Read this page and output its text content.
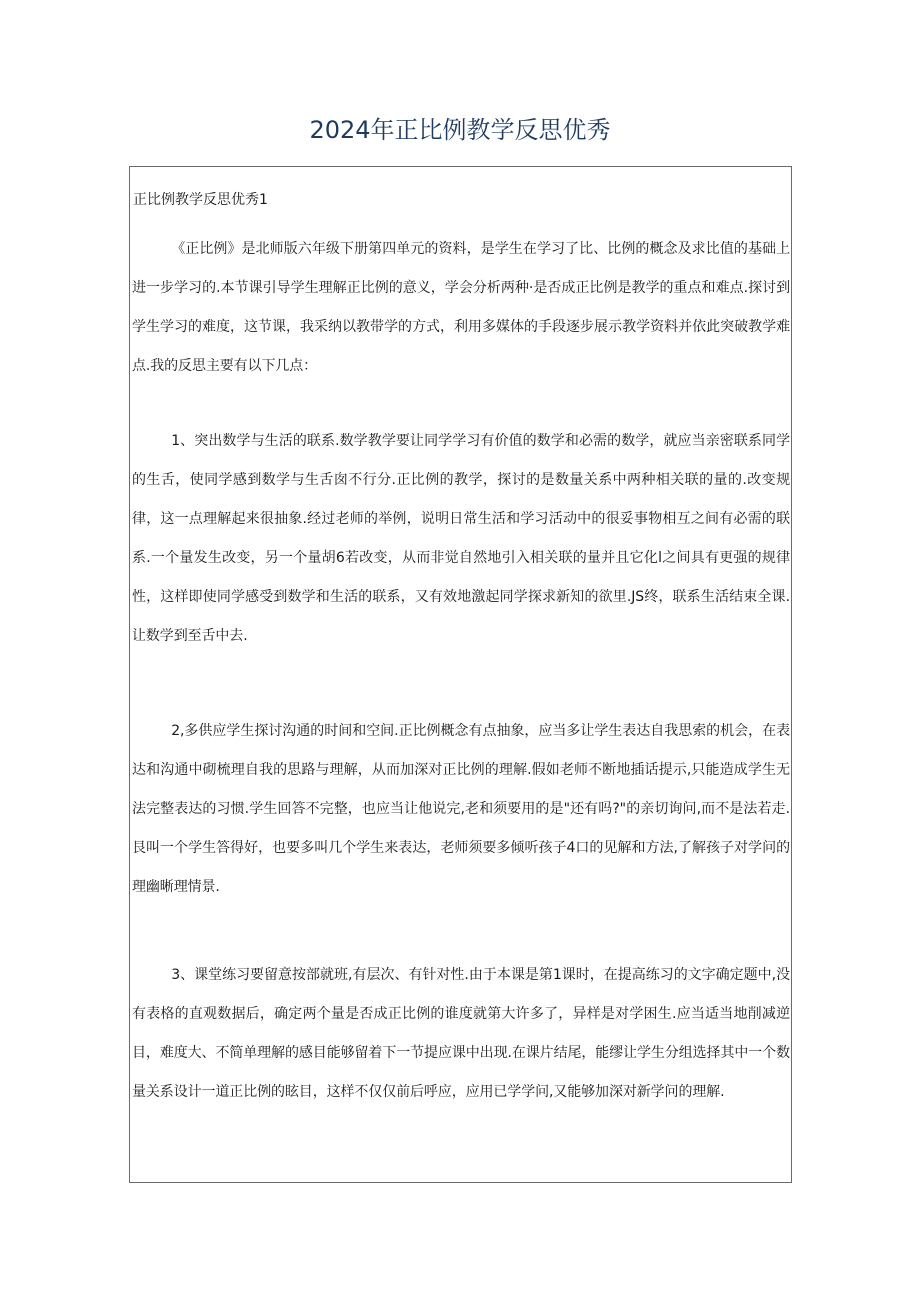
2024年正比例教学反思优秀

正比例教学反思优秀1

《正比例》是北师版六年级下册第四单元的资料，是学生在学习了比、比例的概念及求比值的基础上进一步学习的.本节课引导学生理解正比例的意义，学会分析两种·是否成正比例是教学的重点和难点.探讨到学生学习的难度，这节课，我采纳以教带学的方式，利用多媒体的手段逐步展示教学资料并依此突破教学难点.我的反思主要有以下几点：

1、突出数学与生活的联系.数学教学要让同学学习有价值的数学和必需的数学，就应当亲密联系同学的生舌，使同学感到数学与生舌囱不行分.正比例的教学，探讨的是数量关系中两种相关联的量的.改变规律，这一点理解起来很抽象.经过老师的举例，说明日常生活和学习活动中的很妥事物相互之间有必需的联系.一个量发生改变，另一个量胡6若改变，从而非觉自然地引入相关联的量并且它化l之间具有更强的规律性，这样即使同学感受到数学和生活的联系，又有效地激起同学探求新知的欲里.JS终，联系生活结束全课.让数学到至舌中去.

2,多供应学生探讨沟通的时间和空间.正比例概念有点抽象，应当多让学生表达自我思索的机会，在表达和沟通中砌梳理自我的思路与理解，从而加深对正比例的理解.假如老师不断地插话提示,只能造成学生无法完整表达的习惯.学生回答不完整，也应当让他说完,老和须要用的是"还有吗?"的亲切询问,而不是法若走.艮叫一个学生答得好，也要多叫几个学生来表达，老师须要多倾听孩子4口的见解和方法,了解孩子对学问的理幽晰理情景.

3、课堂练习要留意按部就班,有层次、有针对性.由于本课是第1课时，在提高练习的文字确定题中,没有表格的直观数据后，确定两个量是否成正比例的谁度就第大许多了，异样是对学困生.应当适当地削减逆目，难度大、不简单理解的感目能够留着下一节提应课中出现.在课片结尾，能缪让学生分组选择其中一个数量关系设计一道正比例的眩目，这样不仅仅前后呼应，应用已学学问,又能够加深对新学问的理解.
